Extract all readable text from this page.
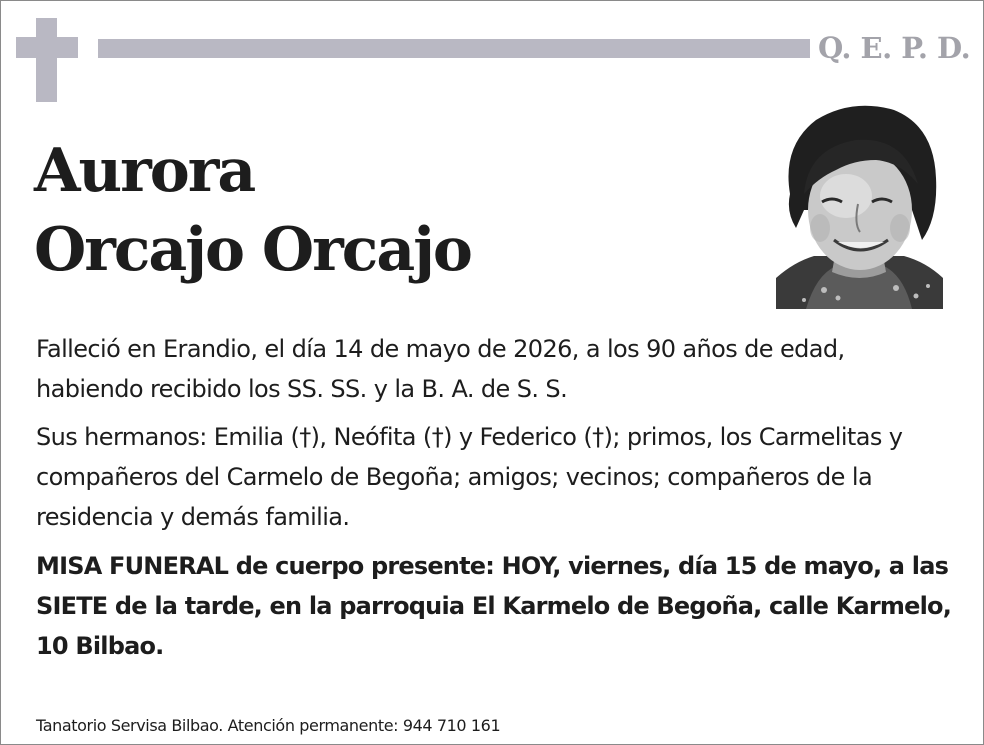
Q. E. P. D.
Aurora
Orcajo Orcajo
Falleció en Erandio, el día 14 de mayo de 2026, a los 90 años de edad, habiendo recibido los SS. SS. y la B. A. de S. S.
Sus hermanos: Emilia (†), Neófita (†) y Federico (†); primos, los Carmelitas y compañeros del Carmelo de Begoña; amigos; vecinos; compañeros de la residencia y demás familia.
MISA FUNERAL de cuerpo presente: HOY, viernes, día 15 de mayo, a las SIETE de la tarde, en la parroquia El Karmelo de Begoña, calle Karmelo, 10 Bilbao.
Tanatorio Servisa Bilbao. Atención permanente: 944 710 161
